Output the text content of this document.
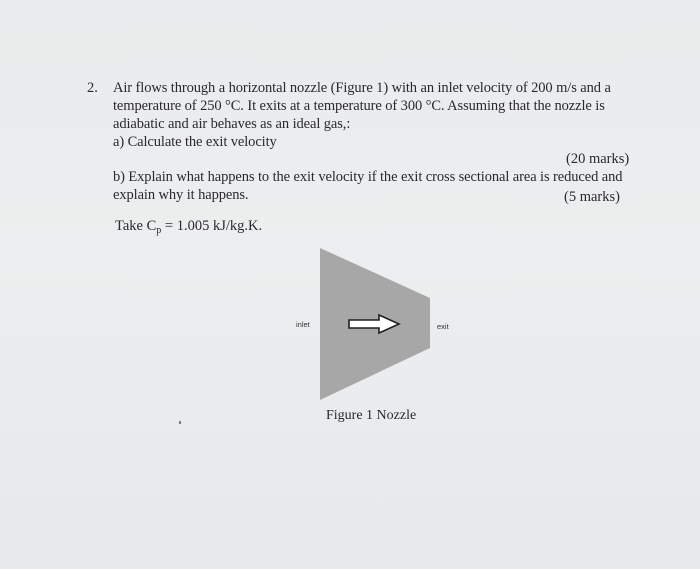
2. Air flows through a horizontal nozzle (Figure 1) with an inlet velocity of 200 m/s and a
temperature of 250 °C. It exits at a temperature of 300 °C. Assuming that the nozzle is
adiabatic and air behaves as an ideal gas,:
a) Calculate the exit velocity
(20 marks)
b) Explain what happens to the exit velocity if the exit cross sectional area is reduced and
explain why it happens.	(5 marks)
Take $C_p = 1.005$ kJ/kg.K.
inlet	exit
Figure 1 Nozzle
